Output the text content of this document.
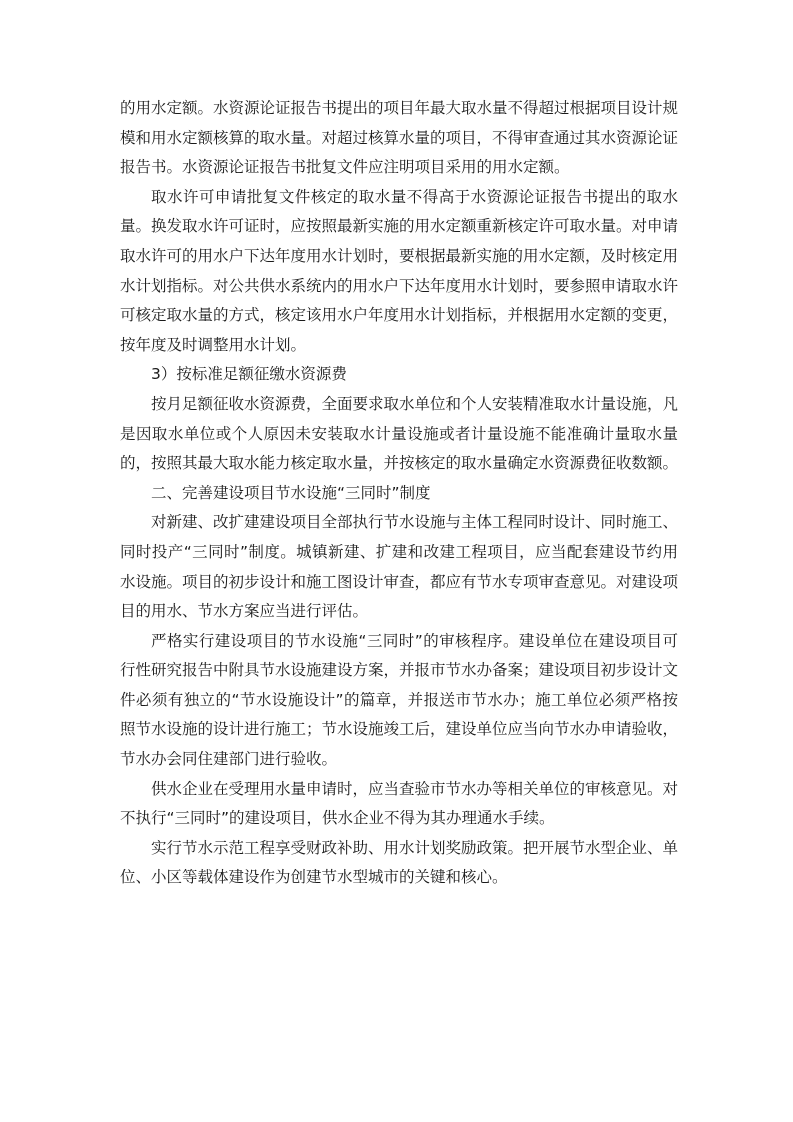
的用水定额。水资源论证报告书提出的项目年最大取水量不得超过根据项目设计规模和用水定额核算的取水量。对超过核算水量的项目，不得审查通过其水资源论证报告书。水资源论证报告书批复文件应注明项目采用的用水定额。

取水许可申请批复文件核定的取水量不得高于水资源论证报告书提出的取水量。换发取水许可证时，应按照最新实施的用水定额重新核定许可取水量。对申请取水许可的用水户下达年度用水计划时，要根据最新实施的用水定额，及时核定用水计划指标。对公共供水系统内的用水户下达年度用水计划时，要参照申请取水许可核定取水量的方式，核定该用水户年度用水计划指标，并根据用水定额的变更，按年度及时调整用水计划。

3）按标准足额征缴水资源费

按月足额征收水资源费，全面要求取水单位和个人安装精准取水计量设施，凡是因取水单位或个人原因未安装取水计量设施或者计量设施不能准确计量取水量的，按照其最大取水能力核定取水量，并按核定的取水量确定水资源费征收数额。

二、完善建设项目节水设施“三同时”制度

对新建、改扩建建设项目全部执行节水设施与主体工程同时设计、同时施工、同时投产“三同时”制度。城镇新建、扩建和改建工程项目，应当配套建设节约用水设施。项目的初步设计和施工图设计审查，都应有节水专项审查意见。对建设项目的用水、节水方案应当进行评估。

严格实行建设项目的节水设施“三同时”的审核程序。建设单位在建设项目可行性研究报告中附具节水设施建设方案，并报市节水办备案；建设项目初步设计文件必须有独立的“节水设施设计”的篇章，并报送市节水办；施工单位必须严格按照节水设施的设计进行施工；节水设施竣工后，建设单位应当向节水办申请验收，节水办会同住建部门进行验收。

供水企业在受理用水量申请时，应当查验市节水办等相关单位的审核意见。对不执行“三同时”的建设项目，供水企业不得为其办理通水手续。

实行节水示范工程享受财政补助、用水计划奖励政策。把开展节水型企业、单位、小区等载体建设作为创建节水型城市的关键和核心。
